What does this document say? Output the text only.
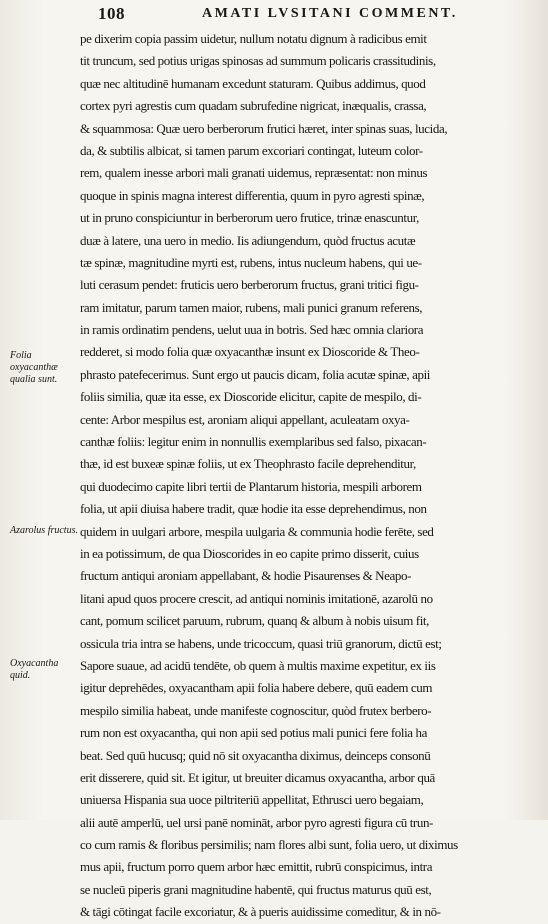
108	AMATI LVSITANI COMMENT.
Folia oxyacanthæ qualia sunt.
Azarolus fructus.
Oxyacantha quid.
pe dixerim copia passim uidetur, nullum notatu dignum à radicibus emit
tit truncum, sed potius urigas spinosas ad summum policaris crassitudinis,
quæ nec altitudinē humanam excedunt staturam. Quibus addimus, quod
cortex pyri agrestis cum quadam subrufedine nigricat, inæqualis, crassa,
& squammosa: Quæ uero berberorum frutici hæret, inter spinas suas, lucida,
da, & subtilis albicat, si tamen parum excoriari contingat, luteum color-
rem, qualem inesse arbori mali granati uidemus, repræsentat: non minus
quoque in spinis magna interest differentia, quum in pyro agresti spinæ,
ut in pruno conspiciuntur in berberorum uero frutice, trinæ enascuntur,
duæ à latere, una uero in medio. Iis adiungendum, quòd fructus acutæ
tæ spinæ, magnitudine myrti est, rubens, intus nucleum habens, qui ue-
luti cerasum pendet: fruticis uero berberorum fructus, grani tritici figu-
ram imitatur, parum tamen maior, rubens, mali punici granum referens,
in ramis ordinatim pendens, uelut uua in botris. Sed hæc omnia clariora
redderet, si modo folia quæ oxyacanthæ insunt ex Dioscoride & Theo-
phrasto patefecerimus. Sunt ergo ut paucis dicam, folia acutæ spinæ, apii
foliis similia, quæ ita esse, ex Dioscoride elicitur, capite de mespilo, di-
cente: Arbor mespilus est, aroniam aliqui appellant, aculeatam oxya-
canthæ foliis: legitur enim in nonnullis exemplaribus sed falso, pixacan-
thæ, id est buxeæ spinæ foliis, ut ex Theophrasto facile deprehenditur,
qui duodecimo capite libri tertii de Plantarum historia, mespili arborem
folia, ut apii diuisa habere tradit, quæ hodie ita esse deprehendimus, non
quidem in uulgari arbore, mespila uulgaria & communia hodie ferēte, sed
in ea potissimum, de qua Dioscorides in eo capite primo disserit, cuius
fructum antiqui aroniam appellabant, & hodie Pisaurenses & Neapo-
litani apud quos procere crescit, ad antiqui nominis imitationē, azarolū no
cant, pomum scilicet paruum, rubrum, quanq & album à nobis uisum fit,
ossicula tria intra se habens, unde tricoccum, quasi triū granorum, dictū est;
Sapore suaue, ad acidū tendēte, ob quem à multis maxime expetitur, ex iis
igitur deprehēdes, oxyacantham apii folia habere debere, quū eadem cum
mespilo similia habeat, unde manifeste cognoscitur, quòd frutex berbero-
rum non est oxyacantha, qui non apii sed potius mali punici fere folia ha
beat. Sed quū hucusq; quid nō sit oxyacantha diximus, deinceps consonū
erit disserere, quid sit. Et igitur, ut breuiter dicamus oxyacantha, arbor quā
uniuersa Hispania sua uoce piltriteriū appellitat, Ethrusci uero begaiam,
alii autē amperlū, uel ursi panē nomināt, arbor pyro agresti figura cū trun-
co cum ramis & floribus persimilis; nam flores albi sunt, folia uero, ut diximus
mus apii, fructum porro quem arbor hæc emittit, rubrū conspicimus, intra
se nucleū piperis grani magnitudine habentē, qui fructus maturus quū est,
& tāgi cōtingat facile excoriatur, & à pueris auidissime comeditur, & in nō-
